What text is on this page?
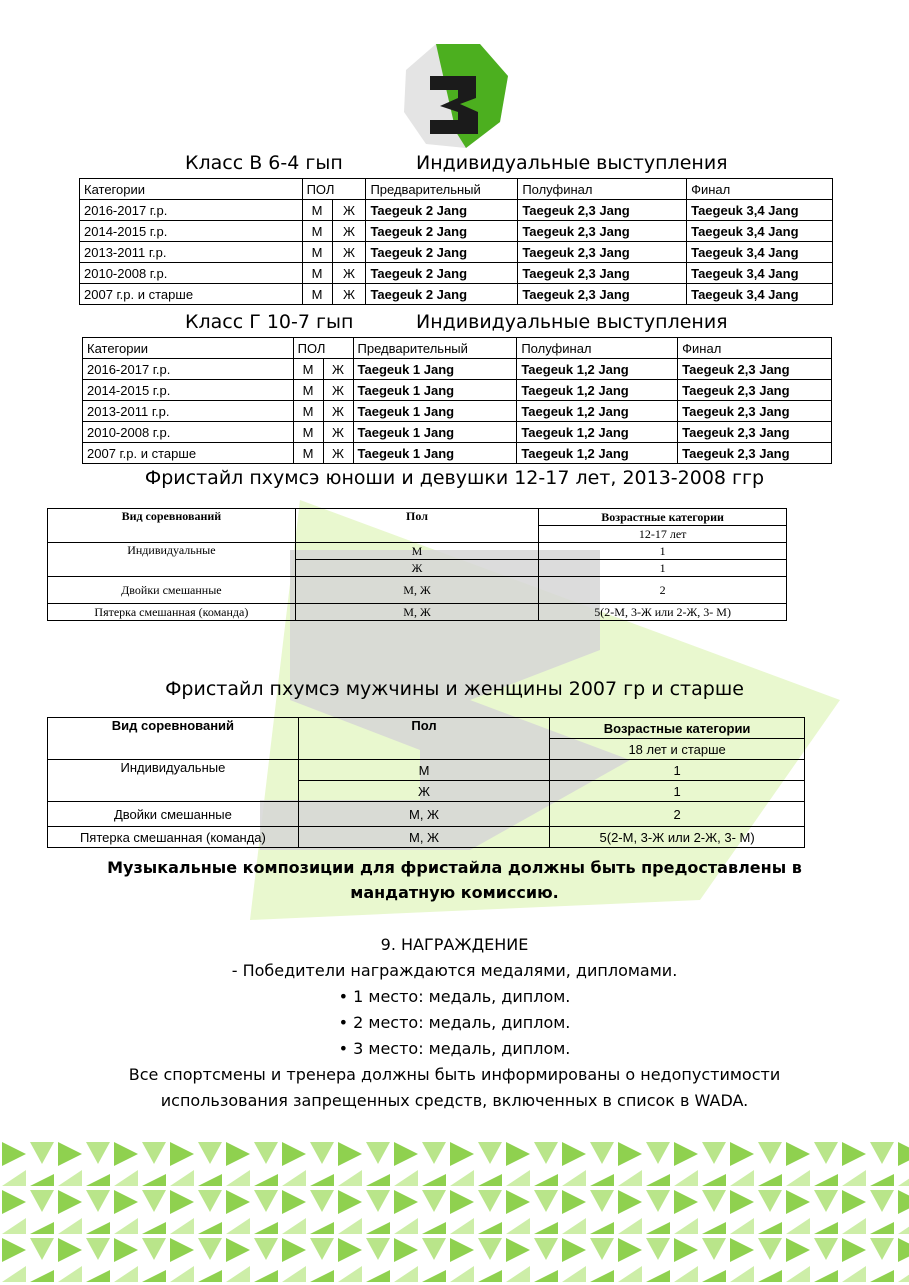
Класс В 6-4 гып	Индивидуальные выступления
Категории	ПОЛ		Предварительный	Полуфинал	Финал
2016-2017 г.р.	М	Ж	Taegeuk 2 Jang	Taegeuk 2,3 Jang	Taegeuk 3,4 Jang
2014-2015 г.р.	М	Ж	Taegeuk 2 Jang	Taegeuk 2,3 Jang	Taegeuk 3,4 Jang
2013-2011 г.р.	М	Ж	Taegeuk 2 Jang	Taegeuk 2,3 Jang	Taegeuk 3,4 Jang
2010-2008 г.р.	М	Ж	Taegeuk 2 Jang	Taegeuk 2,3 Jang	Taegeuk 3,4 Jang
2007 г.р. и старше	М	Ж	Taegeuk 2 Jang	Taegeuk 2,3 Jang	Taegeuk 3,4 Jang
Класс Г 10-7 гып	Индивидуальные выступления
Категории	ПОЛ		Предварительный	Полуфинал	Финал
2016-2017 г.р.	М	Ж	Taegeuk 1 Jang	Taegeuk 1,2 Jang	Taegeuk 2,3 Jang
2014-2015 г.р.	М	Ж	Taegeuk 1 Jang	Taegeuk 1,2 Jang	Taegeuk 2,3 Jang
2013-2011 г.р.	М	Ж	Taegeuk 1 Jang	Taegeuk 1,2 Jang	Taegeuk 2,3 Jang
2010-2008 г.р.	М	Ж	Taegeuk 1 Jang	Taegeuk 1,2 Jang	Taegeuk 2,3 Jang
2007 г.р. и старше	М	Ж	Taegeuk 1 Jang	Taegeuk 1,2 Jang	Taegeuk 2,3 Jang
Фристайл пхумсэ юноши и девушки 12-17 лет, 2013-2008 ггр
Вид соревнований	Пол	Возрастные категории
		12-17 лет
Индивидуальные	М	1
	Ж	1
Двойки смешанные	М, Ж	2
Пятерка смешанная (команда)	М, Ж	5(2-М, 3-Ж или 2-Ж, 3- М)
Фристайл пхумсэ мужчины и женщины 2007 гр и старше
Вид соревнований	Пол	Возрастные категории
		18 лет и старше
Индивидуальные	М	1
	Ж	1
Двойки смешанные	М, Ж	2
Пятерка смешанная (команда)	М, Ж	5(2-М, 3-Ж или 2-Ж, 3- М)
Музыкальные композиции для фристайла должны быть предоставлены в
мандатную комиссию.
9. НАГРАЖДЕНИЕ
- Победители награждаются медалями, дипломами.
• 1 место: медаль, диплом.
• 2 место: медаль, диплом.
• 3 место: медаль, диплом.
Все спортсмены и тренера должны быть информированы о недопустимости
использования запрещенных средств, включенных в список в WADA.
